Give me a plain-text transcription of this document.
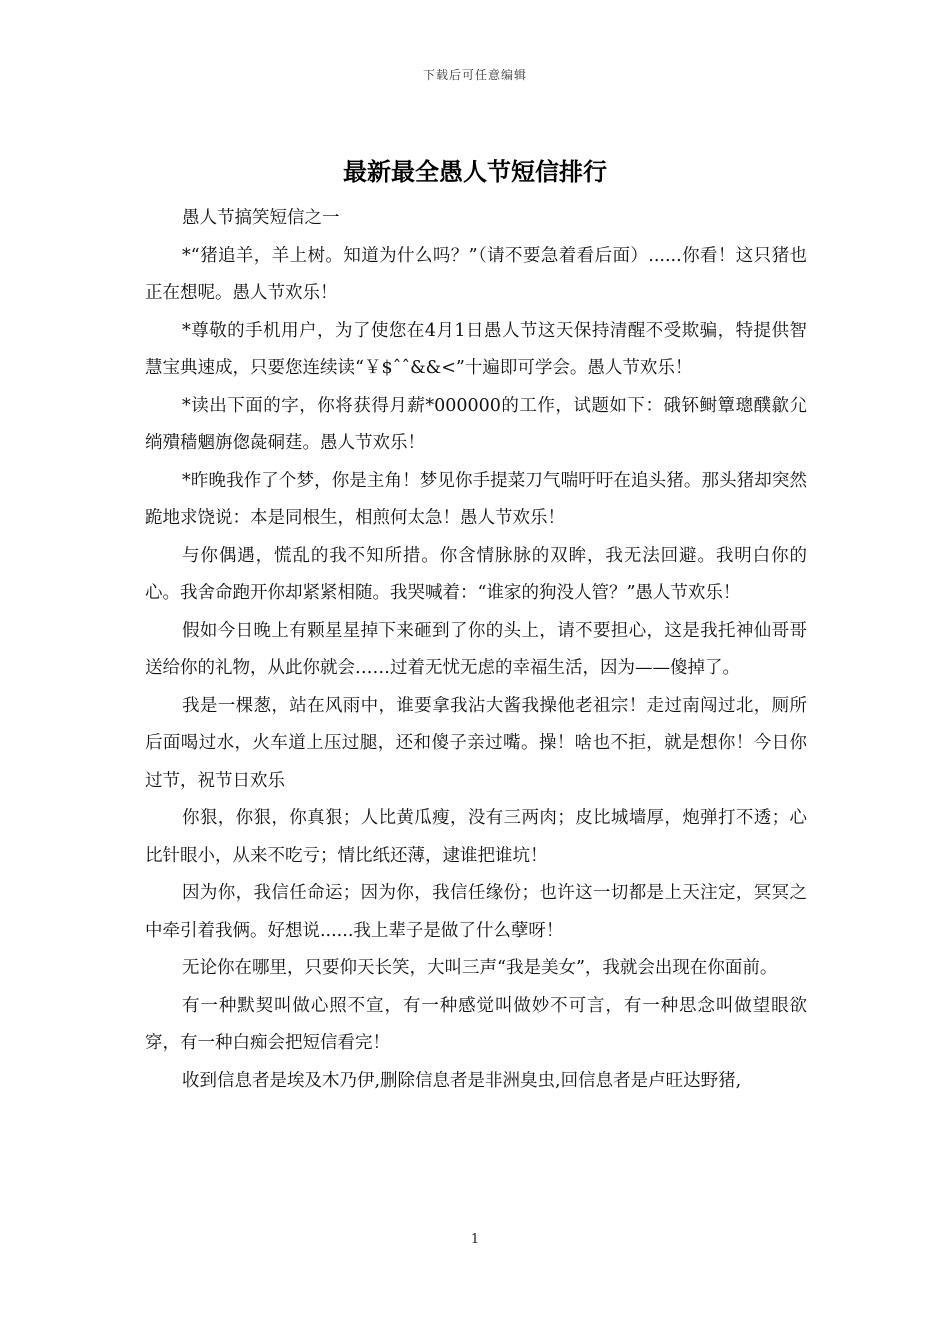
下载后可任意编辑
最新最全愚人节短信排行

愚人节搞笑短信之一

*“猪追羊，羊上树。知道为什么吗？”（请不要急着看后面）......你看！这只猪也正在想呢。愚人节欢乐！

*尊敬的手机用户，为了使您在4月1日愚人节这天保持清醒不受欺骗，特提供智慧宝典速成，只要您连续读“￥$ˆˆ&&<”十遍即可学会。愚人节欢乐！

*读出下面的字，你将获得月薪*000000的工作，试题如下：硪钚鲥簟璁醭歙尣绱殨穑魍旃偬彘硐莛。愚人节欢乐！

*昨晚我作了个梦，你是主角！梦见你手提菜刀气喘吁吁在追头猪。那头猪却突然跪地求饶说：本是同根生，相煎何太急！愚人节欢乐！

与你偶遇，慌乱的我不知所措。你含情脉脉的双眸，我无法回避。我明白你的心。我舍命跑开你却紧紧相随。我哭喊着：“谁家的狗没人管？”愚人节欢乐！

假如今日晚上有颗星星掉下来砸到了你的头上，请不要担心，这是我托神仙哥哥送给你的礼物，从此你就会……过着无忧无虑的幸福生活，因为——傻掉了。

我是一棵葱，站在风雨中，谁要拿我沾大酱我操他老祖宗！走过南闯过北，厕所后面喝过水，火车道上压过腿，还和傻子亲过嘴。操！啥也不拒，就是想你！今日你过节，祝节日欢乐

你狠，你狠，你真狠；人比黄瓜瘦，没有三两肉；皮比城墙厚，炮弹打不透；心比针眼小，从来不吃亏；情比纸还薄，逮谁把谁坑！

因为你，我信任命运；因为你，我信任缘份；也许这一切都是上天注定，冥冥之中牵引着我俩。好想说......我上辈子是做了什么孽呀！

无论你在哪里，只要仰天长笑，大叫三声“我是美女”，我就会出现在你面前。

有一种默契叫做心照不宣，有一种感觉叫做妙不可言，有一种思念叫做望眼欲穿，有一种白痴会把短信看完！

收到信息者是埃及木乃伊,删除信息者是非洲臭虫,回信息者是卢旺达野猪,

1
